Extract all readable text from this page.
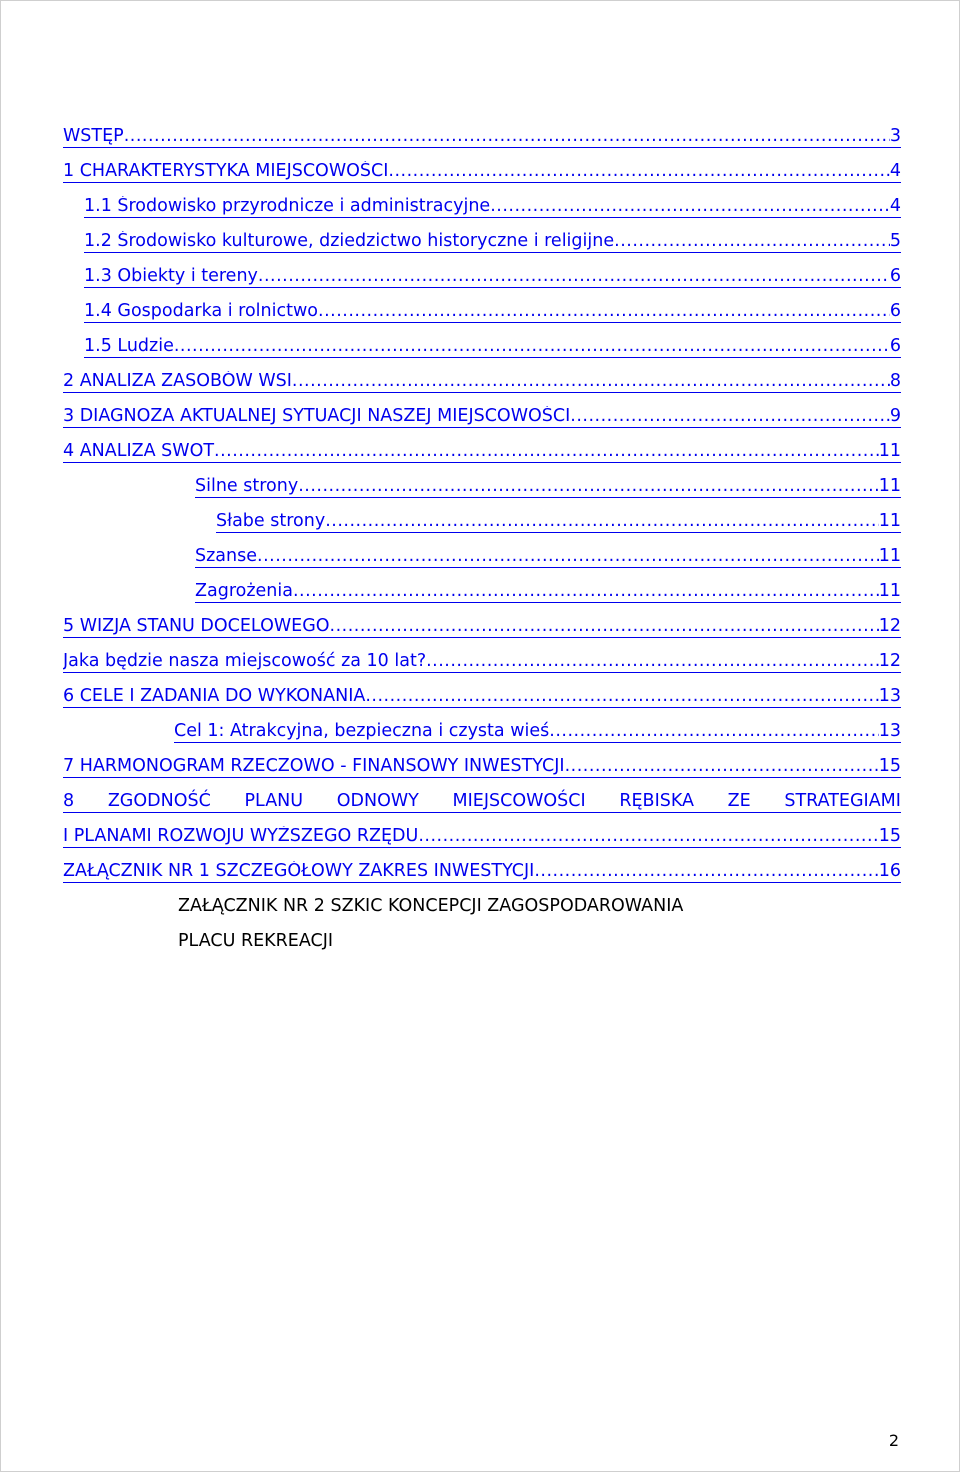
WSTĘP .....	3
1 CHARAKTERYSTYKA MIEJSCOWOŚCI .....	4
1.1 Środowisko przyrodnicze i administracyjne .....	4
1.2 Środowisko kulturowe, dziedzictwo historyczne i religijne .....	5
1.3 Obiekty i tereny .....	6
1.4 Gospodarka i rolnictwo .....	6
1.5 Ludzie .....	6
2 ANALIZA ZASOBÓW WSI .....	8
3 DIAGNOZA AKTUALNEJ SYTUACJI NASZEJ MIEJSCOWOŚCI .....	9
4 ANALIZA SWOT .....	11
Silne strony .....	11
Słabe strony .....	11
Szanse .....	11
Zagrożenia .....	11
5 WIZJA STANU DOCELOWEGO .....	12
Jaka będzie nasza miejscowość za 10 lat? .....	12
6 CELE I ZADANIA DO WYKONANIA .....	13
Cel 1: Atrakcyjna, bezpieczna i czysta wieś .....	13
7 HARMONOGRAM RZECZOWO - FINANSOWY INWESTYCJI .....	15
8 ZGODNOŚĆ PLANU ODNOWY MIEJSCOWOŚCI RĘBISKA ZE STRATEGIAMI
I PLANAMI ROZWOJU WYŻSZEGO RZĘDU .....	15
ZAŁĄCZNIK NR 1 SZCZEGÓŁOWY ZAKRES INWESTYCJI .....	16
ZAŁĄCZNIK NR 2 SZKIC KONCEPCJI ZAGOSPODAROWANIA
PLACU REKREACJI
2
